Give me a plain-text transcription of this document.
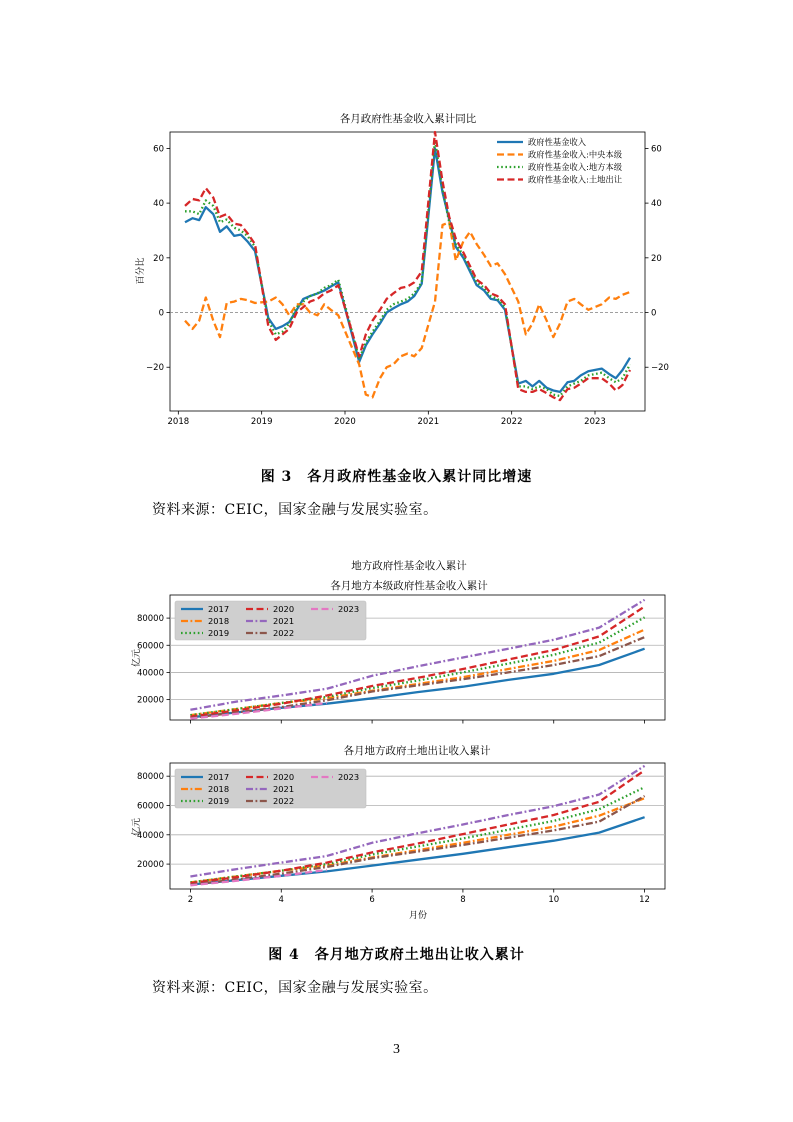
各月政府性基金收入累计同比
百分比
−20	−20
0	0
20	20
40	40
60	60
2018	2019	2020	2021	2022	2023
政府性基金收入
政府性基金收入:中央本级
政府性基金收入:地方本级
政府性基金收入:土地出让
图 3　各月政府性基金收入累计同比增速
资料来源：CEIC，国家金融与发展实验室。
地方政府性基金收入累计
各月地方本级政府性基金收入累计
各月地方政府土地出让收入累计
亿元
亿元
月份
20000
40000
60000
80000
2017
2018
2019
2020
2021
2022
2023
20000
40000
60000
80000
2	4	6	8	10	12
2017
2018
2019
2020
2021
2022
2023
图 4　各月地方政府土地出让收入累计
资料来源：CEIC，国家金融与发展实验室。
3
